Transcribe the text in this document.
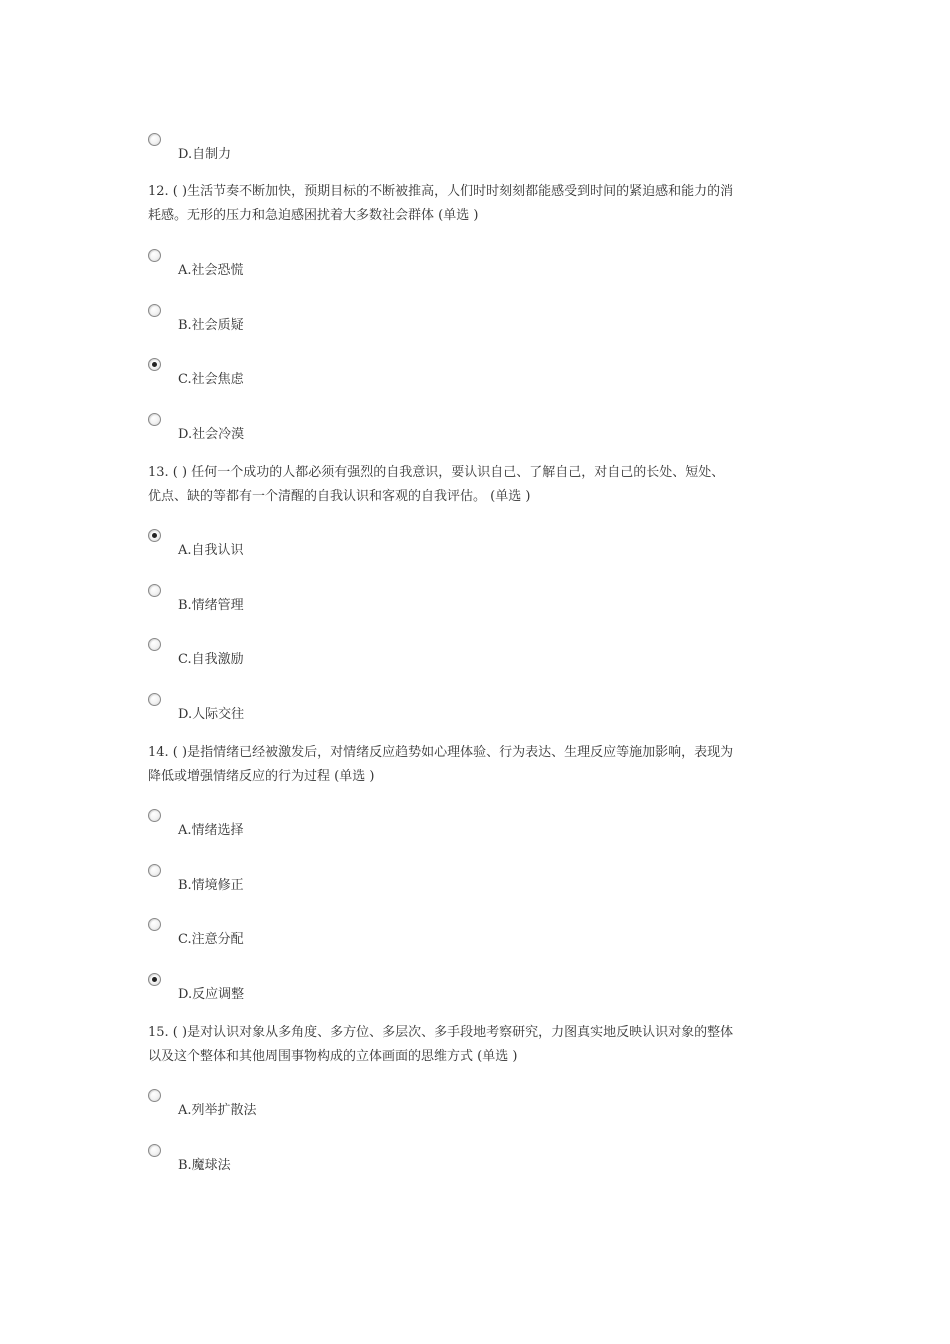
D.自制力
12. ( )生活节奏不断加快，预期目标的不断被推高，人们时时刻刻都能感受到时间的紧迫感和能力的消
耗感。无形的压力和急迫感困扰着大多数社会群体 (单选 )
A.社会恐慌
B.社会质疑
C.社会焦虑
D.社会冷漠
13. ( ) 任何一个成功的人都必须有强烈的自我意识，要认识自己、了解自己，对自己的长处、短处、
优点、缺的等都有一个清醒的自我认识和客观的自我评估。 (单选 )
A.自我认识
B.情绪管理
C.自我激励
D.人际交往
14. ( )是指情绪已经被激发后，对情绪反应趋势如心理体验、行为表达、生理反应等施加影响，表现为
降低或增强情绪反应的行为过程 (单选 )
A.情绪选择
B.情境修正
C.注意分配
D.反应调整
15. ( )是对认识对象从多角度、多方位、多层次、多手段地考察研究，力图真实地反映认识对象的整体
以及这个整体和其他周围事物构成的立体画面的思维方式 (单选 )
A.列举扩散法
B.魔球法
